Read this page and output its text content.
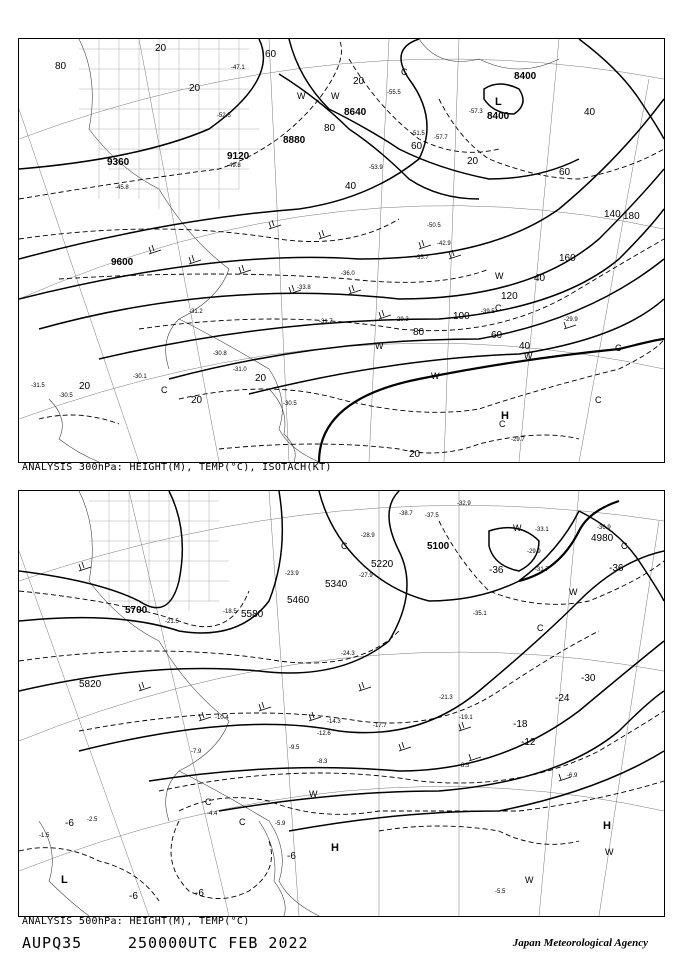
9360
9600
9120
8880
8640
8400
8400
20
20
20
20
20
20
20
20
40
40
40
40
60
60
60
60
80
80
80
100
120
140
160
180
-31.0
-30.5
-29.9
-29.7
-31.2
-30.8
-31.7	-29.3
-31.5
-30.1
-47.1
-49.8
-50.5
-52.5
-55.5
-57.3
-57.7
-51.5
-53.9
-36.0
-39.5
-35.7
-42.9
-45.8
-33.8
-30.5
H
L
C
C
C
C
C
C
W
W
W
W
W
W
ANALYSIS 300hPa: HEIGHT(M), TEMP(°C), ISOTACH(KT)
5100
5340
5220
5460
5580
5700
5820
4980
-36	-36
-30
-24
-18
-12
-6
-6	-6
-6
-32.9
-37.5
-38.7
-33.1	-36.9
-29.9
-31.7
-35.1
-28.9
-24.3
-21.3
-19.1
-17.7
-14.3
-12.6
-10.4
-8.5
-8.3
-9.5
-7.9
-6.9
-5.9
-5.5
-4.4
-2.5
-1.5
-18.5
-21.5
-23.9	-27.9
H
H
L
C	C
C
C
C
W
W
W
W
W
ANALYSIS 500hPa: HEIGHT(M), TEMP(°C)
AUPQ35	250000UTC FEB 2022	Japan Meteorological Agency
